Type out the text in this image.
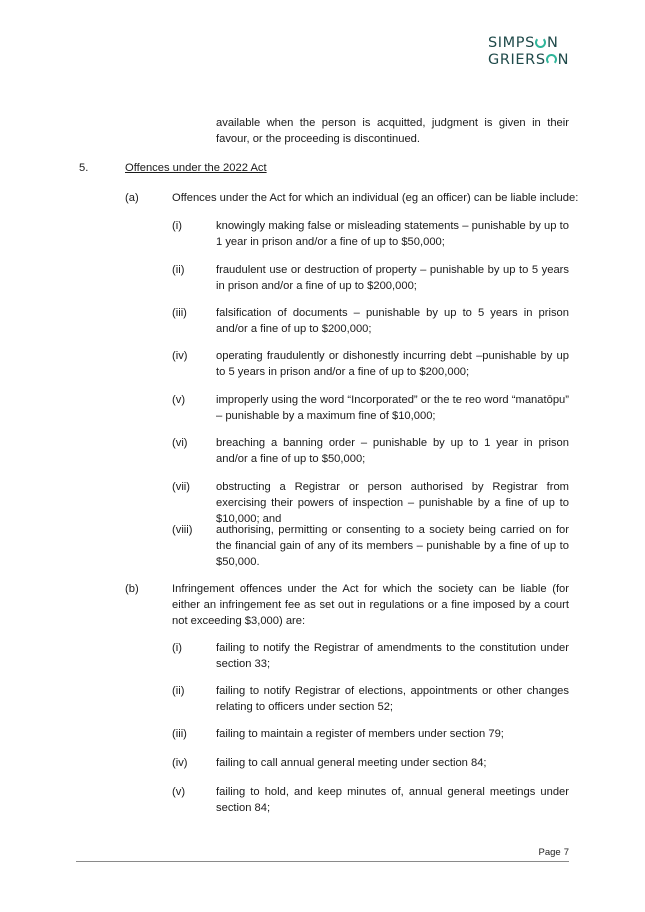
SIMPS N
GRIERS N
available when the person is acquitted, judgment is given in their favour, or the proceeding is discontinued.
5.	Offences under the 2022 Act
(a)	Offences under the Act for which an individual (eg an officer) can be liable include:
(i)	knowingly making false or misleading statements – punishable by up to 1 year in prison and/or a fine of up to $50,000;
(ii)	fraudulent use or destruction of property – punishable by up to 5 years in prison and/or a fine of up to $200,000;
(iii)	falsification of documents – punishable by up to 5 years in prison and/or a fine of up to $200,000;
(iv)	operating fraudulently or dishonestly incurring debt –punishable by up to 5 years in prison and/or a fine of up to $200,000;
(v)	improperly using the word “Incorporated” or the te reo word “manatōpu” – punishable by a maximum fine of $10,000;
(vi)	breaching a banning order – punishable by up to 1 year in prison and/or a fine of up to $50,000;
(vii) obstructing a Registrar or person authorised by Registrar from exercising their powers of inspection – punishable by a fine of up to $10,000; and
(viii) authorising, permitting or consenting to a society being carried on for the financial gain of any of its members – punishable by a fine of up to $50,000.
(b)	Infringement offences under the Act for which the society can be liable (for either an infringement fee as set out in regulations or a fine imposed by a court not exceeding $3,000) are:
(i)	failing to notify the Registrar of amendments to the constitution under section 33;
(ii)	failing to notify Registrar of elections, appointments or other changes relating to officers under section 52;
(iii)	failing to maintain a register of members under section 79;
(iv)	failing to call annual general meeting under section 84;
(v)	failing to hold, and keep minutes of, annual general meetings under section 84;
Page 7
